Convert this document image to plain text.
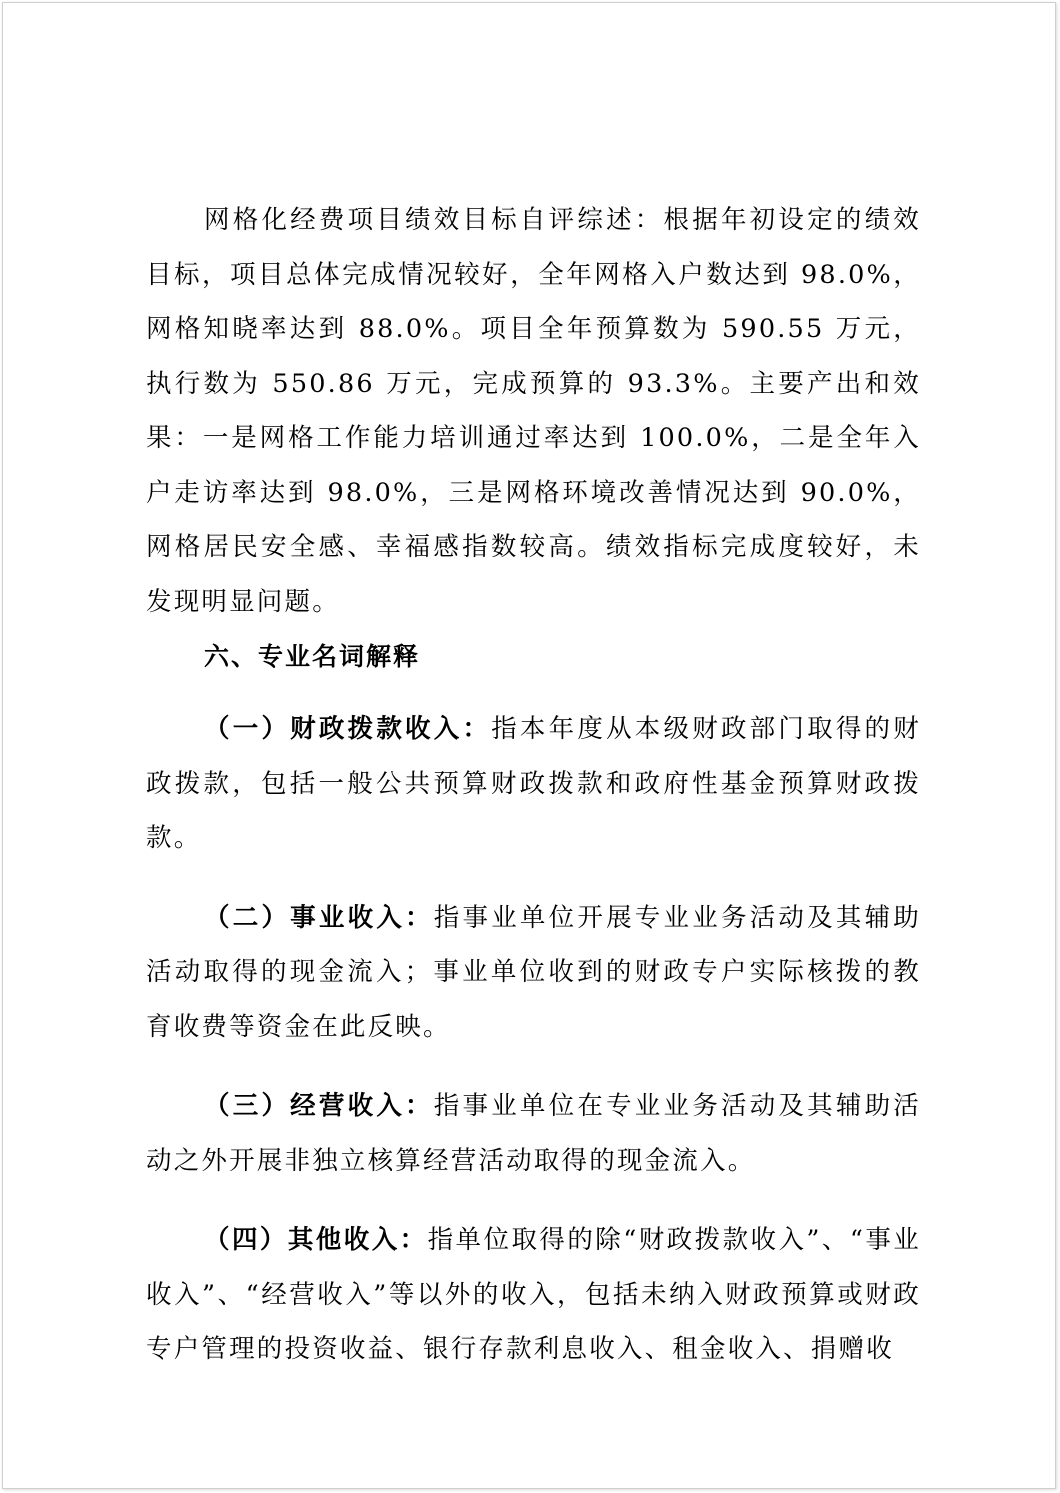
网格化经费项目绩效目标自评综述：根据年初设定的绩效目标，项目总体完成情况较好，全年网格入户数达到 98.0%，网格知晓率达到 88.0%。项目全年预算数为 590.55 万元，执行数为 550.86 万元，完成预算的 93.3%。主要产出和效果：一是网格工作能力培训通过率达到 100.0%，二是全年入户走访率达到 98.0%，三是网格环境改善情况达到 90.0%，网格居民安全感、幸福感指数较高。绩效指标完成度较好，未发现明显问题。

六、专业名词解释

（一）财政拨款收入：指本年度从本级财政部门取得的财政拨款，包括一般公共预算财政拨款和政府性基金预算财政拨款。

（二）事业收入：指事业单位开展专业业务活动及其辅助活动取得的现金流入；事业单位收到的财政专户实际核拨的教育收费等资金在此反映。

（三）经营收入：指事业单位在专业业务活动及其辅助活动之外开展非独立核算经营活动取得的现金流入。

（四）其他收入：指单位取得的除“财政拨款收入”、“事业收入”、“经营收入”等以外的收入，包括未纳入财政预算或财政专户管理的投资收益、银行存款利息收入、租金收入、捐赠收
